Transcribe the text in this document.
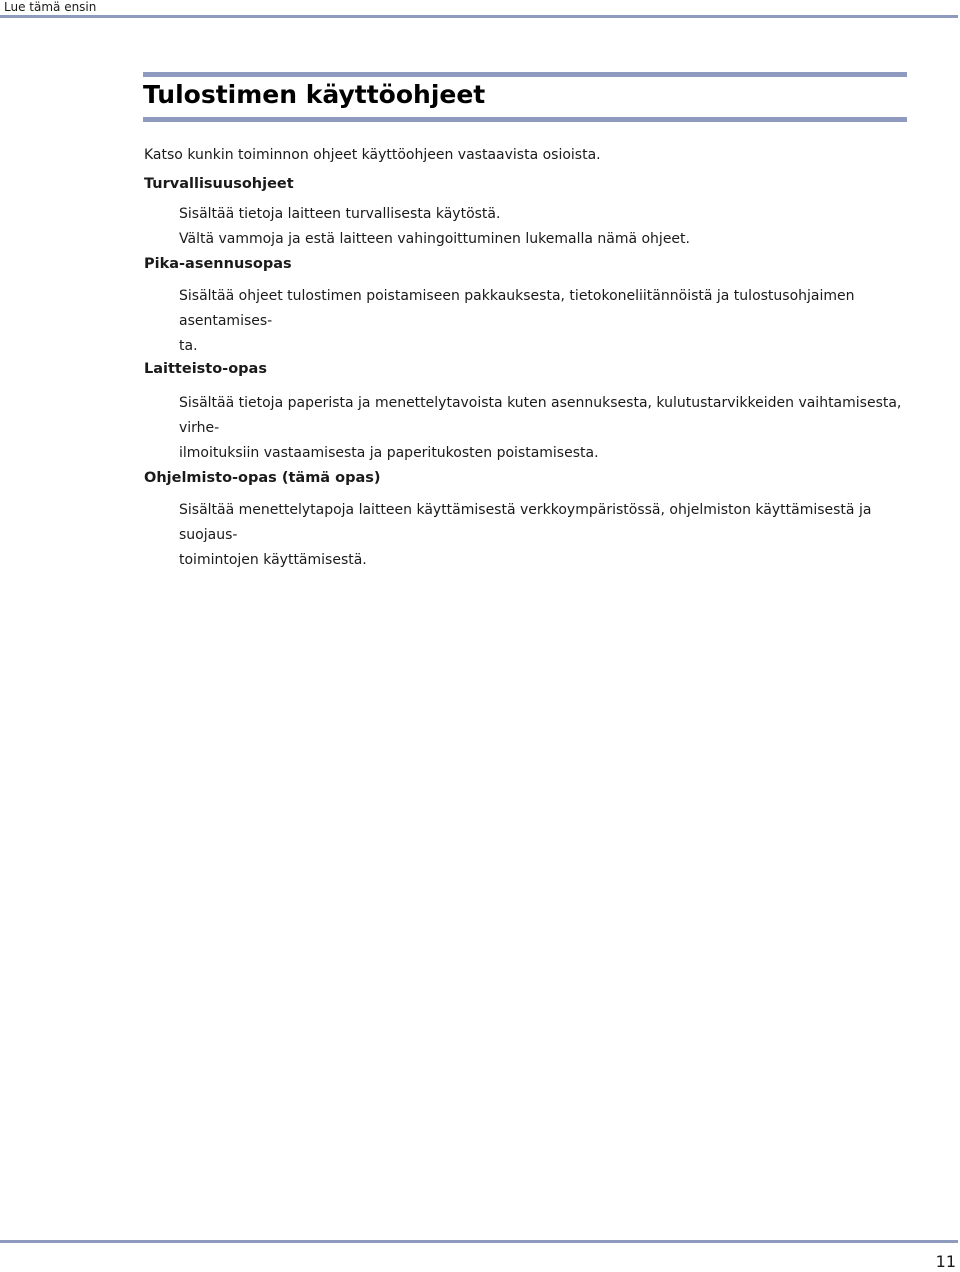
Lue tämä ensin
Tulostimen käyttöohjeet

Katso kunkin toiminnon ohjeet käyttöohjeen vastaavista osioista.

Turvallisuusohjeet
Sisältää tietoja laitteen turvallisesta käytöstä.
Vältä vammoja ja estä laitteen vahingoittuminen lukemalla nämä ohjeet.
Pika-asennusopas
Sisältää ohjeet tulostimen poistamiseen pakkauksesta, tietokoneliitännöistä ja tulostusohjaimen asentamises-
ta.
Laitteisto-opas
Sisältää tietoja paperista ja menettelytavoista kuten asennuksesta, kulutustarvikkeiden vaihtamisesta, virhe-
ilmoituksiin vastaamisesta ja paperitukosten poistamisesta.
Ohjelmisto-opas (tämä opas)
Sisältää menettelytapoja laitteen käyttämisestä verkkoympäristössä, ohjelmiston käyttämisestä ja suojaus-
toimintojen käyttämisestä.
11
